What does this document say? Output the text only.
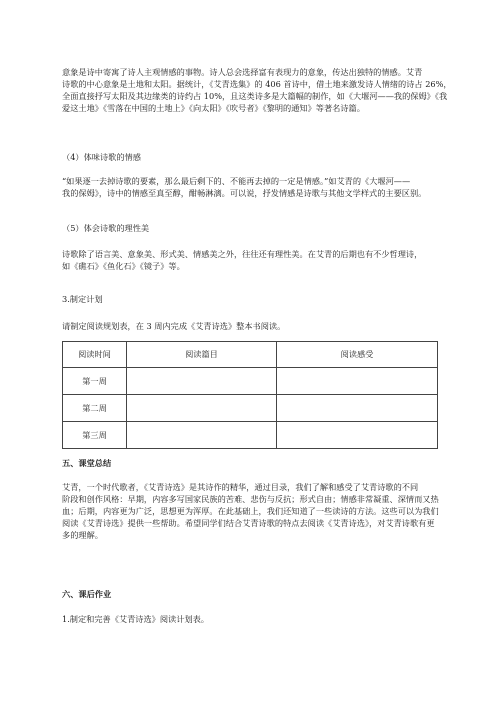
意象是诗中寄寓了诗人主观情感的事物。诗人总会选择富有表现力的意象，传达出独特的情感。艾青
诗歌的中心意象是土地和太阳。据统计，《艾青选集》的 406 首诗中，借土地来激发诗人情绪的诗占 26%，
全面直接抒写太阳及其边缘类的诗约占 10%，且这类诗多是大篇幅的制作，如《大堰河——我的保姆》《我
爱这土地》《雪落在中国的土地上》《向太阳》《吹号者》《黎明的通知》等著名诗篇。
（4）体味诗歌的情感
“如果逐一去掉诗歌的要素，那么最后剩下的、不能再去掉的一定是情感。”如艾青的《大堰河——
我的保姆》，诗中的情感至真至醇，酣畅淋漓。可以说，抒发情感是诗歌与其他文学样式的主要区别。
（5）体会诗歌的理性美
诗歌除了语言美、意象美、形式美、情感美之外，往往还有理性美。在艾青的后期也有不少哲理诗，
如《礁石》《鱼化石》《镜子》等。
3.制定计划
请制定阅读规划表，在 3 周内完成《艾青诗选》整本书阅读。
阅读时间	阅读篇目	阅读感受
第一周		
第二周		
第三周		
五、课堂总结
艾青，一个时代歌者，《艾青诗选》是其诗作的精华，通过目录，我们了解和感受了艾青诗歌的不同
阶段和创作风格：早期，内容多写国家民族的苦难、悲伤与反抗；形式自由；情感非常凝重、深情而又热
血；后期，内容更为广泛，思想更为浑厚。在此基础上，我们还知道了一些读诗的方法。这些可以为我们
阅读《艾青诗选》提供一些帮助。希望同学们结合艾青诗歌的特点去阅读《艾青诗选》，对艾青诗歌有更
多的理解。
六、课后作业
1.制定和完善《艾青诗选》阅读计划表。
